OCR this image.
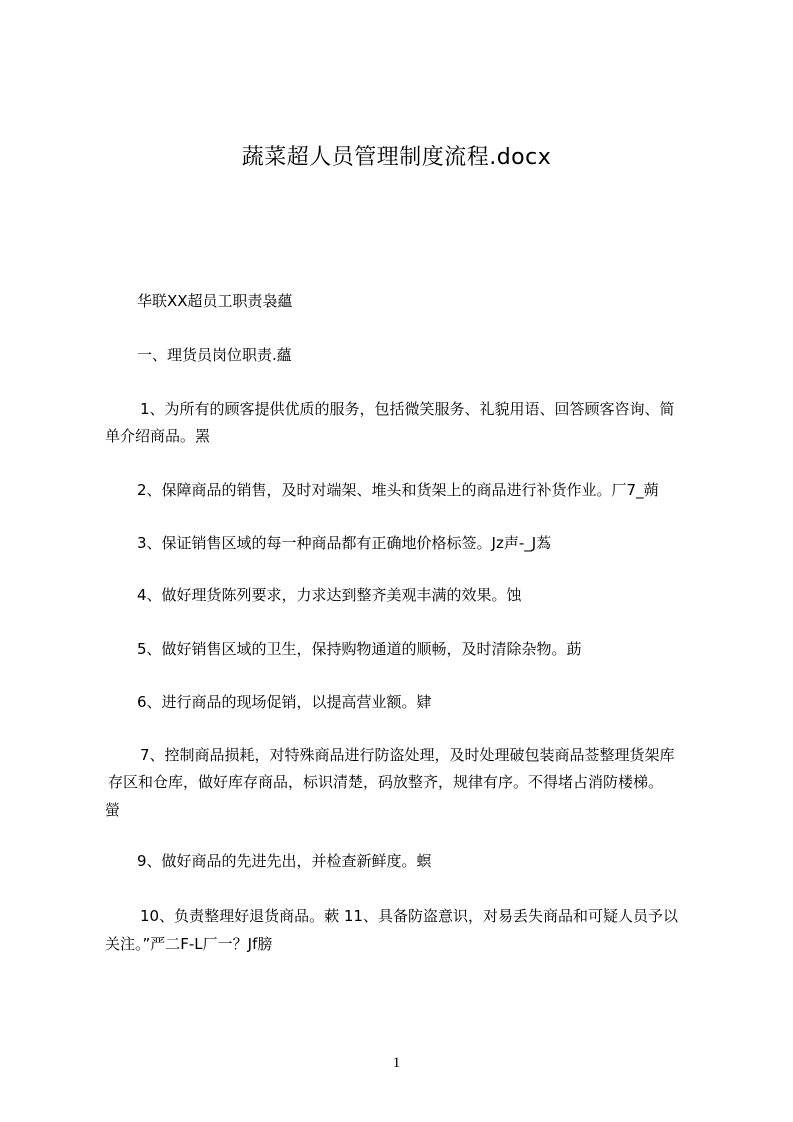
蔬菜超人员管理制度流程.docx
华联XX超员工职责袅蘊
一、理货员岗位职责.蘊
1、为所有的顾客提供优质的服务，包括微笑服务、礼貌用语、回答顾客咨询、简
单介绍商品。罴
2、保障商品的销售，及时对端架、堆头和货架上的商品进行补货作业。厂7_蒴
3、保证销售区域的每一种商品都有正确地价格标签。Jz声-_J蒍
4、做好理货陈列要求，力求达到整齐美观丰满的效果。蚀
5、做好销售区域的卫生，保持购物通道的顺畅，及时清除杂物。莇
6、进行商品的现场促销，以提高营业额。肄
7、控制商品损耗，对特殊商品进行防盗处理，及时处理破包装商品莶整理货架库
存区和仓库，做好库存商品，标识清楚，码放整齐，规律有序。不得堵占消防楼梯。
螢
9、做好商品的先进先出，并检查新鲜度。螟
10、负责整理好退货商品。蔌 11、具备防盗意识，对易丢失商品和可疑人员予以
关注。”严二F-L厂一？Jf膀
1
